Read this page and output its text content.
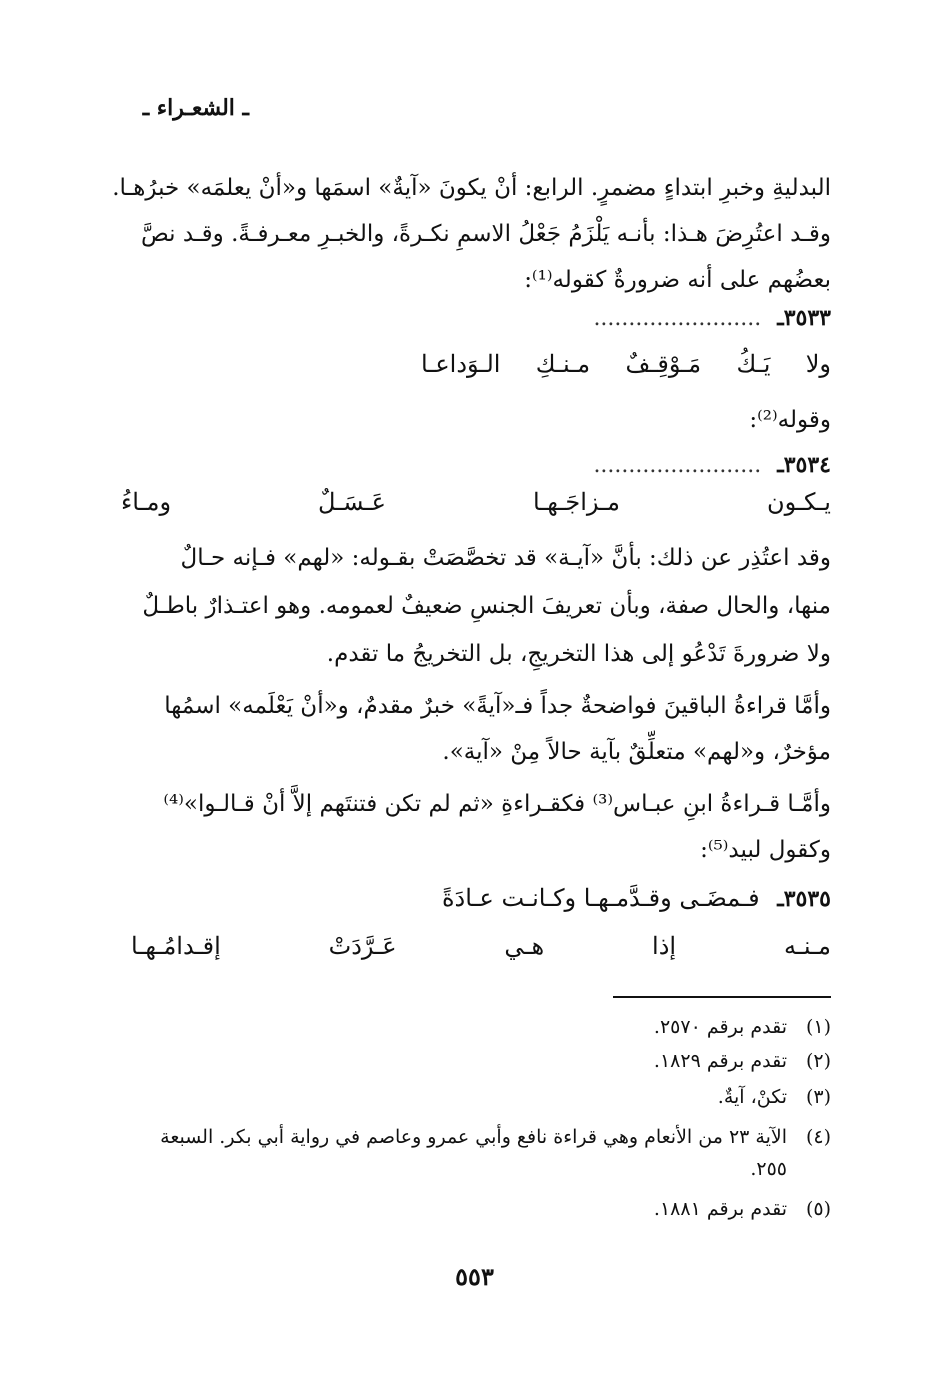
ـ الشعـراء ـ
البدليةِ وخبرِ ابتداءٍ مضمرٍ. الرابع: أنْ يكونَ «آيةٌ» اسمَها و«أنْ يعلمَه» خبرُهـا.
وقـد اعتُرِضَ هـذا: بأنـه يَلْزَمُ جَعْلُ الاسمِ نكـرةً، والخبـرِ معـرفـةً. وقـد نصَّ
بعضُهم على أنه ضرورةٌ كقوله⁽¹⁾:
٣٥٣٣ـ........................
ولا يَـكُ مَـوْقِـفٌ مـنـكِ الـوَداعـا
وقوله⁽²⁾:
٣٥٣٤ـ........................
يـكـون مـزاجَـهـا عَـسَـلٌ ومـاءُ
وقد اعتُذِر عن ذلك: بأنَّ «آيـة» قد تخصَّصَتْ بقـوله: «لهم» فـإنه حـالٌ
منها، والحال صفة، وبأن تعريفَ الجنسِ ضعيفٌ لعمومه. وهو اعتـذارٌ باطـلٌ
ولا ضرورةَ تَدْعُو إلى هذا التخريجِ، بل التخريجُ ما تقدم.
وأمَّا قراءةُ الباقينَ فواضحةٌ جداً فـ«آيةً» خبرٌ مقدمٌ، و«أنْ يَعْلَمه» اسمُها
مؤخرٌ، و«لهم» متعلِّقٌ بآية حالاً مِنْ «آية».
وأمَّـا قـراءةُ ابنِ عبـاس⁽³⁾ فكقـراءةِ «ثم لم تكن فتنتَهم إلاَّ أنْ قـالـوا»⁽⁴⁾
وكقول لبيد⁽⁵⁾:
٣٥٣٥ـ فـمضَـى وقـدَّمـهـا وكـانـت عـادَةً
مـنـه إذا هـي عَـرَّدَتْ إقـدامُـهـا
(١)تقدم برقم ٢٥٧٠.
(٢)تقدم برقم ١٨٢٩.
(٣)تكنْ، آيةٌ.
(٤)الآية ٢٣ من الأنعام وهي قراءة نافع وأبي عمرو وعاصم في رواية أبي بكر. السبعة
٢٥٥.
(٥)تقدم برقم ١٨٨١.
٥٥٣
